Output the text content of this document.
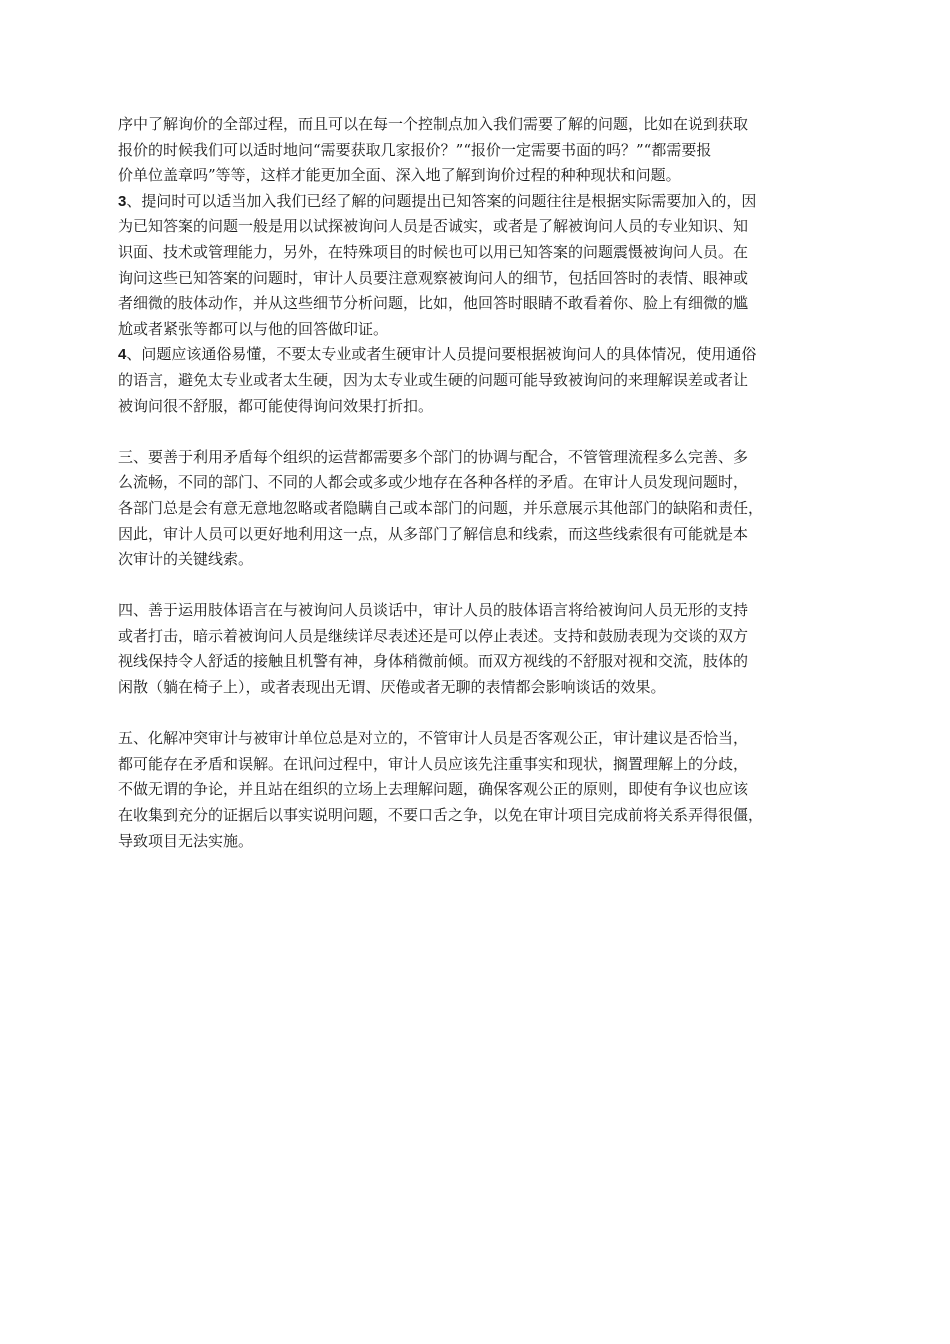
序中了解询价的全部过程，而且可以在每一个控制点加入我们需要了解的问题，比如在说到获取
报价的时候我们可以适时地问“需要获取几家报价？”“报价一定需要书面的吗？”“都需要报
价单位盖章吗”等等，这样才能更加全面、深入地了解到询价过程的种种现状和问题。
3、提问时可以适当加入我们已经了解的问题提出已知答案的问题往往是根据实际需要加入的，因
为已知答案的问题一般是用以试探被询问人员是否诚实，或者是了解被询问人员的专业知识、知
识面、技术或管理能力，另外，在特殊项目的时候也可以用已知答案的问题震慑被询问人员。在
询问这些已知答案的问题时，审计人员要注意观察被询问人的细节，包括回答时的表情、眼神或
者细微的肢体动作，并从这些细节分析问题，比如，他回答时眼睛不敢看着你、脸上有细微的尴
尬或者紧张等都可以与他的回答做印证。
4、问题应该通俗易懂，不要太专业或者生硬审计人员提问要根据被询问人的具体情况，使用通俗
的语言，避免太专业或者太生硬，因为太专业或生硬的问题可能导致被询问的来理解误差或者让
被询问很不舒服，都可能使得询问效果打折扣。
三、要善于利用矛盾每个组织的运营都需要多个部门的协调与配合，不管管理流程多么完善、多
么流畅，不同的部门、不同的人都会或多或少地存在各种各样的矛盾。在审计人员发现问题时，
各部门总是会有意无意地忽略或者隐瞒自己或本部门的问题，并乐意展示其他部门的缺陷和责任，
因此，审计人员可以更好地利用这一点，从多部门了解信息和线索，而这些线索很有可能就是本
次审计的关键线索。
四、善于运用肢体语言在与被询问人员谈话中，审计人员的肢体语言将给被询问人员无形的支持
或者打击，暗示着被询问人员是继续详尽表述还是可以停止表述。支持和鼓励表现为交谈的双方
视线保持令人舒适的接触且机警有神，身体稍微前倾。而双方视线的不舒服对视和交流，肢体的
闲散（躺在椅子上），或者表现出无谓、厌倦或者无聊的表情都会影响谈话的效果。
五、化解冲突审计与被审计单位总是对立的，不管审计人员是否客观公正，审计建议是否恰当，
都可能存在矛盾和误解。在讯问过程中，审计人员应该先注重事实和现状，搁置理解上的分歧，
不做无谓的争论，并且站在组织的立场上去理解问题，确保客观公正的原则，即使有争议也应该
在收集到充分的证据后以事实说明问题，不要口舌之争，以免在审计项目完成前将关系弄得很僵，
导致项目无法实施。
